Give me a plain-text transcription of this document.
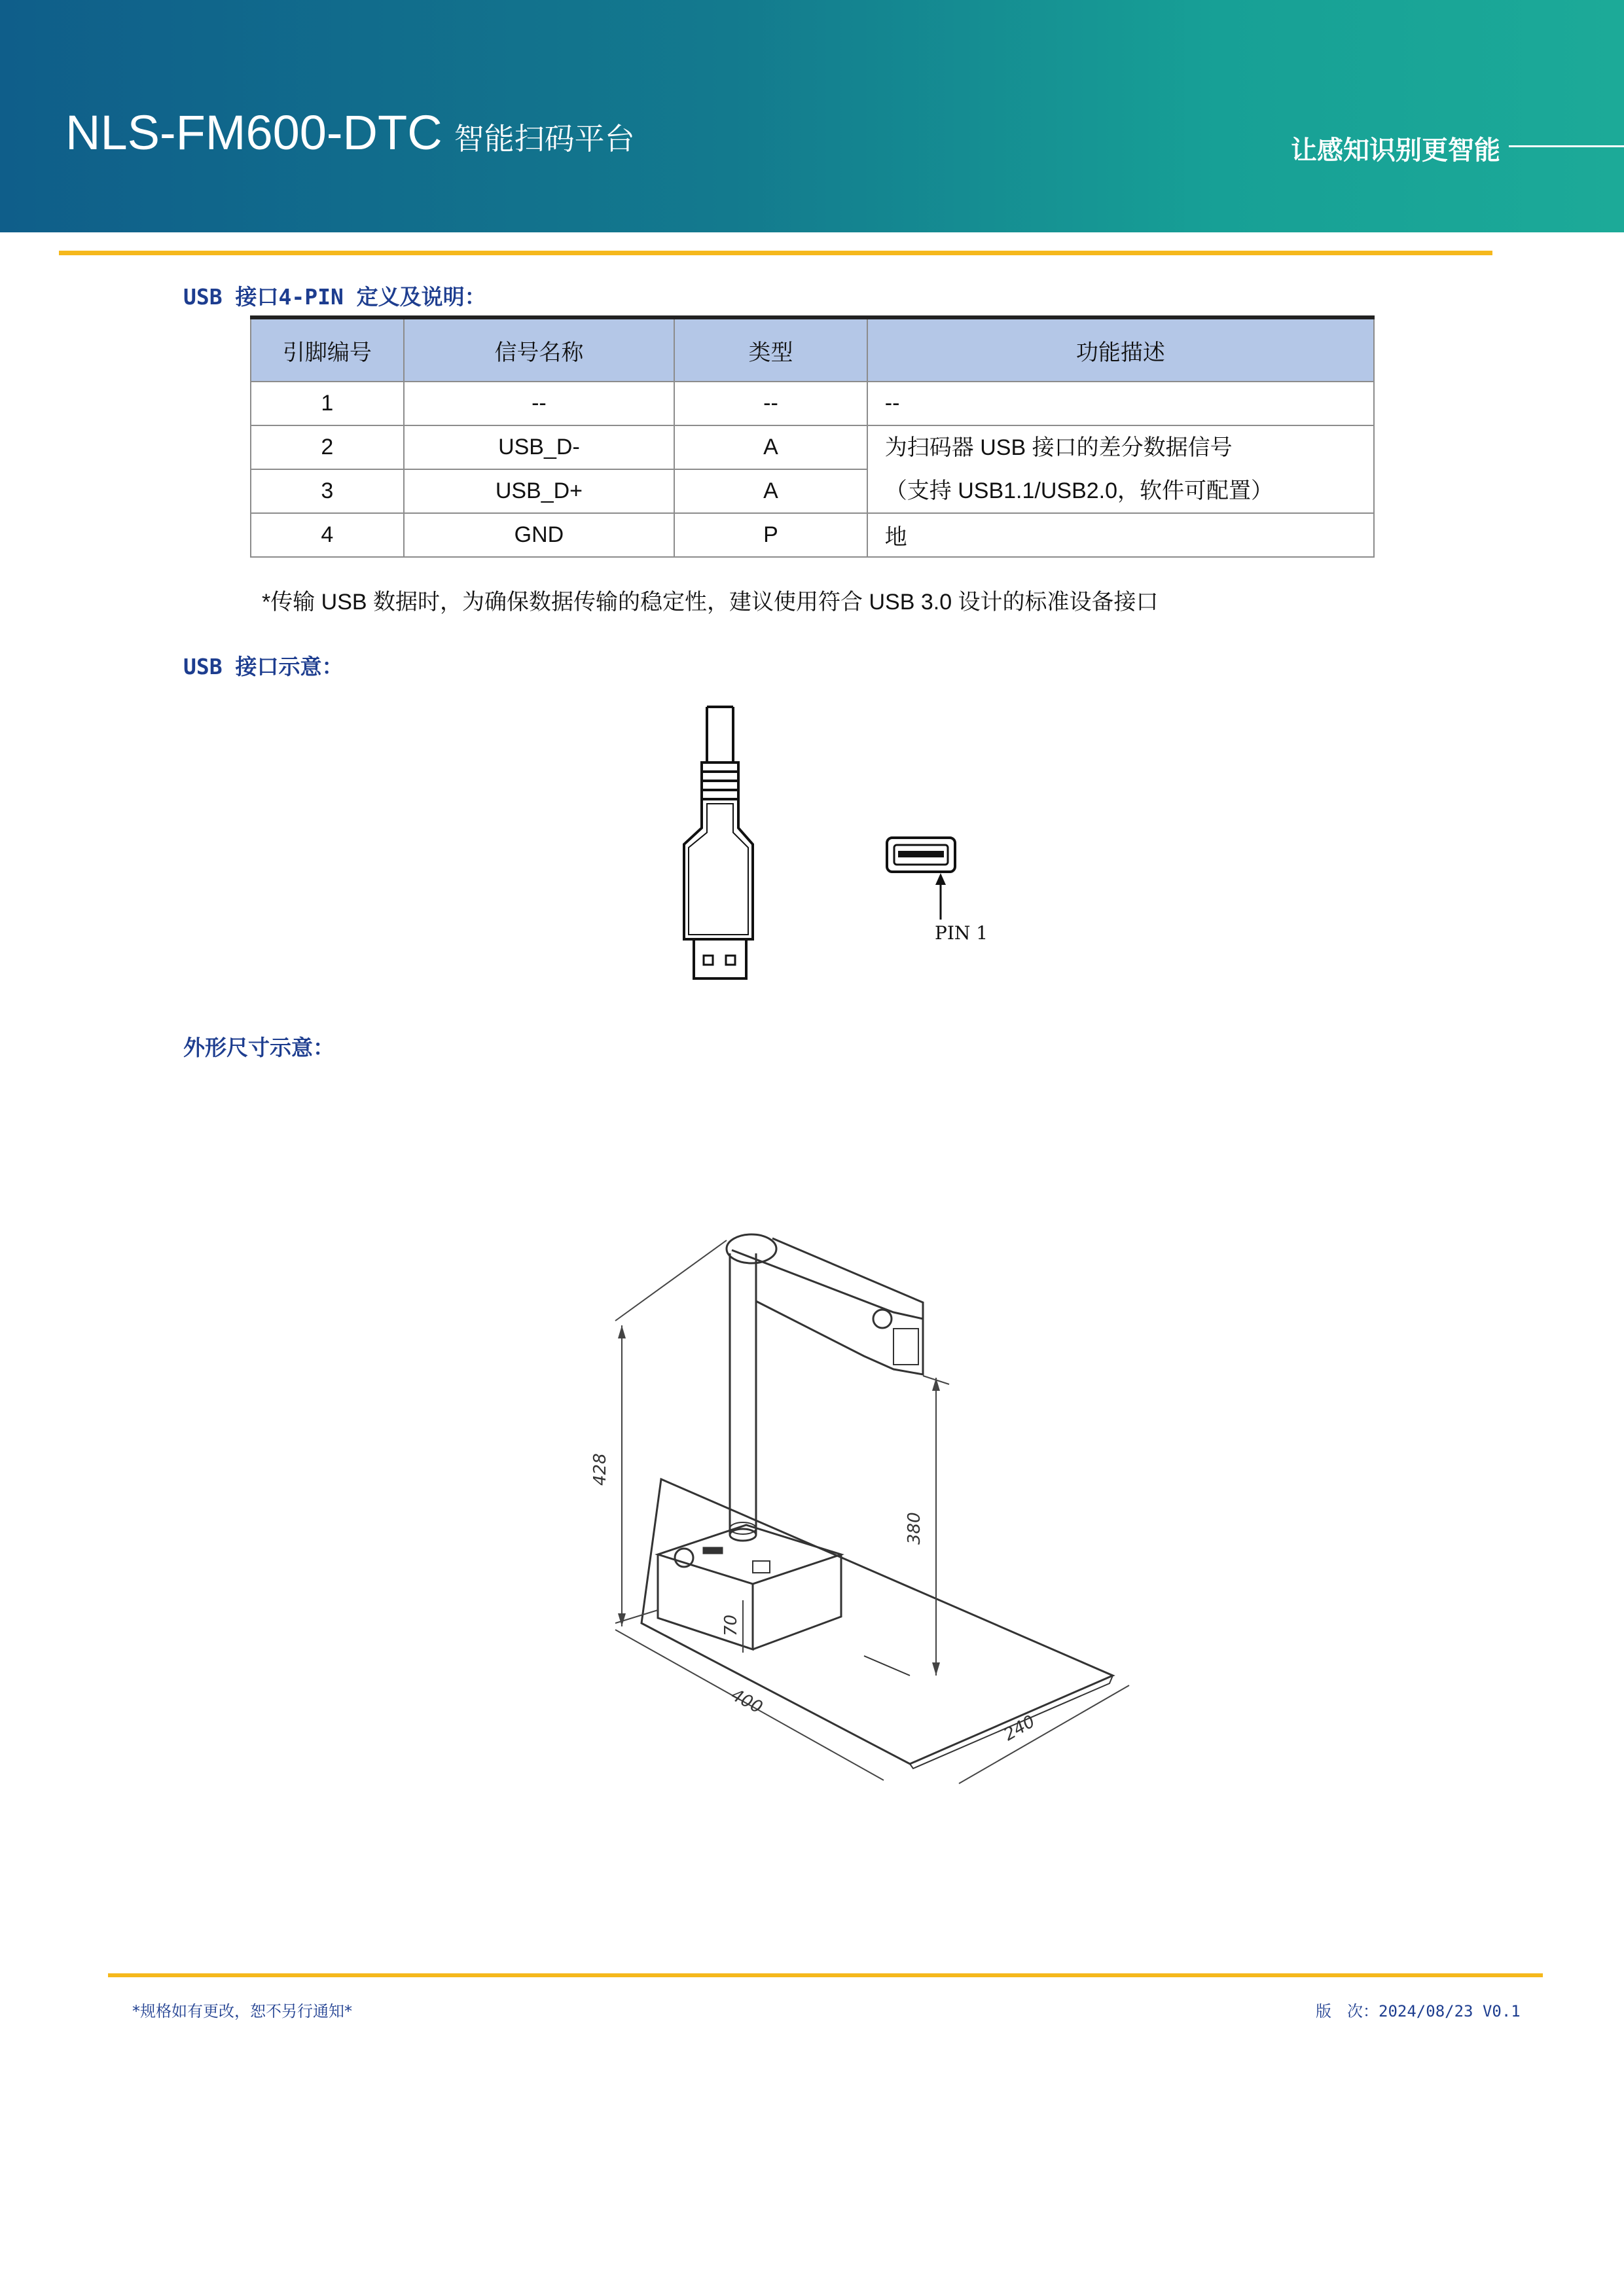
NLS-FM600-DTC 智能扫码平台	让感知识别更智能
USB 接口4-PIN 定义及说明：
引脚编号	信号名称	类型	功能描述
1	--	--	--
2	USB_D-	A	为扫码器 USB 接口的差分数据信号
（支持 USB1.1/USB2.0，软件可配置）

3	USB_D+	A	
4	GND	P	地
*传输 USB 数据时，为确保数据传输的稳定性，建议使用符合 USB 3.0 设计的标准设备接口
USB 接口示意：
PIN 1
外形尺寸示意：
428
380
70
400
240
*规格如有更改，恕不另行通知*	版　次：2024/08/23 V0.1
